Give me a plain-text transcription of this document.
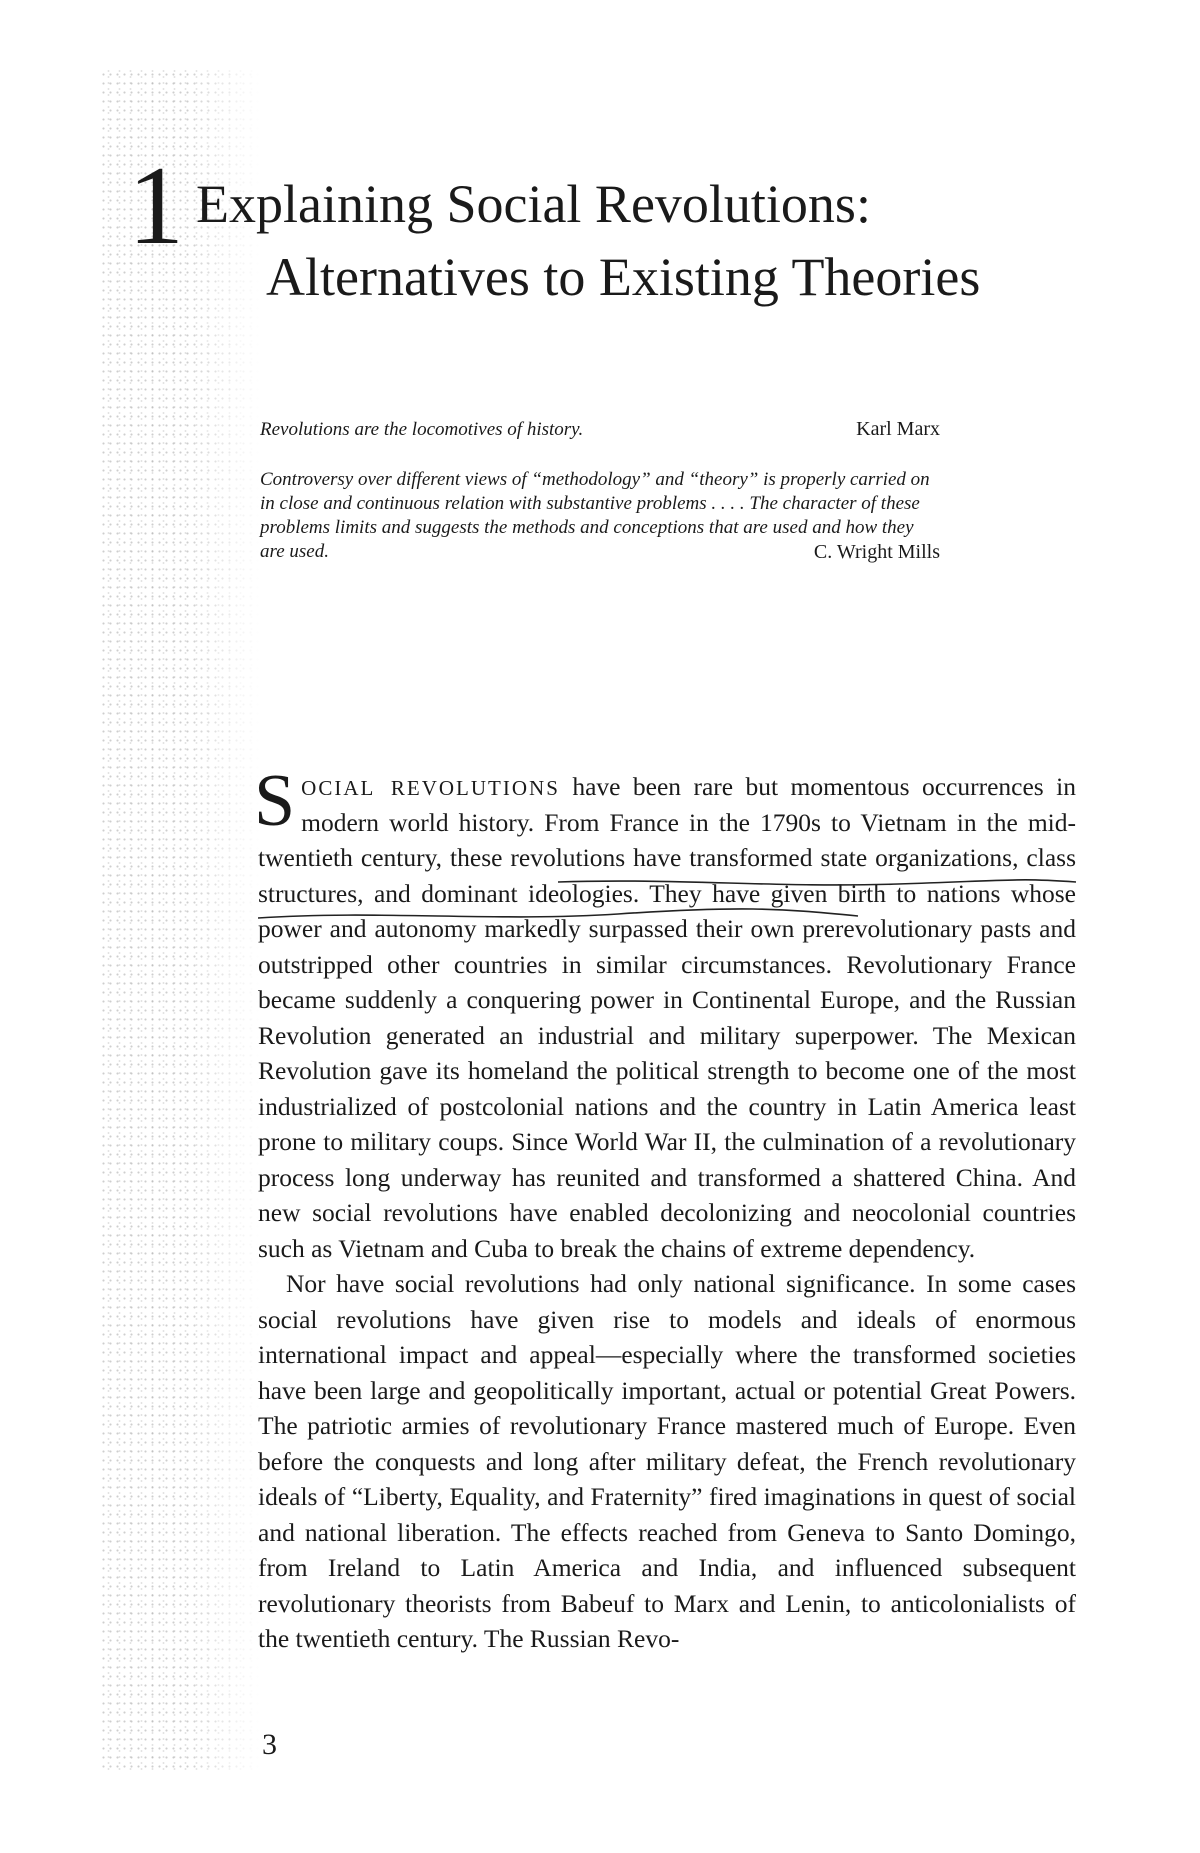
1 Explaining Social Revolutions:
Alternatives to Existing Theories
Revolutions are the locomotives of history.	Karl Marx
Controversy over different views of “methodology” and “theory” is properly carried on in close and continuous relation with substantive problems . . . . The character of these problems limits and suggests the methods and conceptions that are used and how they are used.	C. Wright Mills

Social revolutions have been rare but momentous occurrences in modern world history. From France in the 1790s to Vietnam in the mid-twentieth century, these revolutions have transformed state organizations, class structures, and dominant ideologies. They have given birth to nations whose power and autonomy markedly surpassed their own prerevolutionary pasts and outstripped other countries in similar circumstances. Revolutionary France became suddenly a conquering power in Continental Europe, and the Russian Revolution generated an industrial and military superpower. The Mexican Revolution gave its homeland the political strength to become one of the most industrialized of postcolonial nations and the country in Latin America least prone to military coups. Since World War II, the culmination of a revolutionary process long underway has reunited and transformed a shattered China. And new social revolutions have enabled decolonizing and neocolonial countries such as Vietnam and Cuba to break the chains of extreme dependency.

Nor have social revolutions had only national significance. In some cases social revolutions have given rise to models and ideals of enormous international impact and appeal—especially where the transformed societies have been large and geopolitically important, actual or potential Great Powers. The patriotic armies of revolutionary France mastered much of Europe. Even before the conquests and long after military defeat, the French revolutionary ideals of “Liberty, Equality, and Fraternity” fired imaginations in quest of social and national liberation. The effects reached from Geneva to Santo Domingo, from Ireland to Latin America and India, and influenced subsequent revolutionary theorists from Babeuf to Marx and Lenin, to anticolonialists of the twentieth century. The Russian Revo-

3
